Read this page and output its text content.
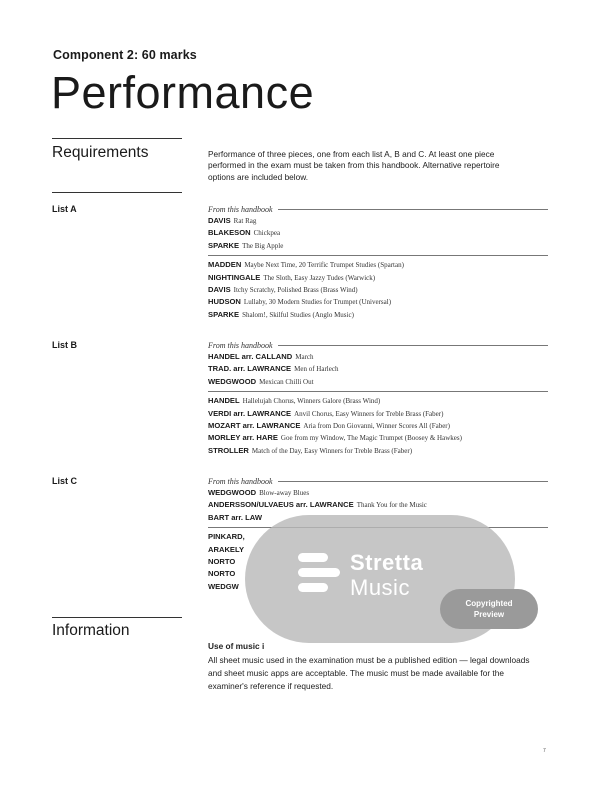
Component 2: 60 marks
Performance
Requirements	Performance of three pieces, one from each list A, B and C. At least one piece performed in the exam must be taken from this handbook. Alternative repertoire options are included below.
List A
List B
List C
From this handbook
DAVIS Rat Rag
BLAKESON Chickpea
SPARKE The Big Apple
MADDEN Maybe Next Time, 20 Terrific Trumpet Studies (Spartan)
NIGHTINGALE The Sloth, Easy Jazzy Tudes (Warwick)
DAVIS Itchy Scratchy, Polished Brass (Brass Wind)
HUDSON Lullaby, 30 Modern Studies for Trumpet (Universal)
SPARKE Shalom!, Skilful Studies (Anglo Music)
From this handbook
HANDEL arr. CALLAND March
TRAD. arr. LAWRANCE Men of Harlech
WEDGWOOD Mexican Chilli Out
HANDEL Hallelujah Chorus, Winners Galore (Brass Wind)
VERDI arr. LAWRANCE Anvil Chorus, Easy Winners for Treble Brass (Faber)
MOZART arr. LAWRANCE Aria from Don Giovanni, Winner Scores All (Faber)
MORLEY arr. HARE Goe from my Window, The Magic Trumpet (Boosey & Hawkes)
STROLLER Match of the Day, Easy Winners for Treble Brass (Faber)
From this handbook
WEDGWOOD Blow-away Blues
ANDERSSON/ULVAEUS arr. LAWRANCE Thank You for the Music
BART arr. LAW
PINKARD,
ARAKELY
NORTO
NORTO
WEDGW
Information
Use of music i
All sheet music used in the examination must be a published edition — legal downloads and sheet music apps are acceptable. The music must be made available for the examiner's reference if requested.
7
Stretta
Music
Copyrighted Preview
